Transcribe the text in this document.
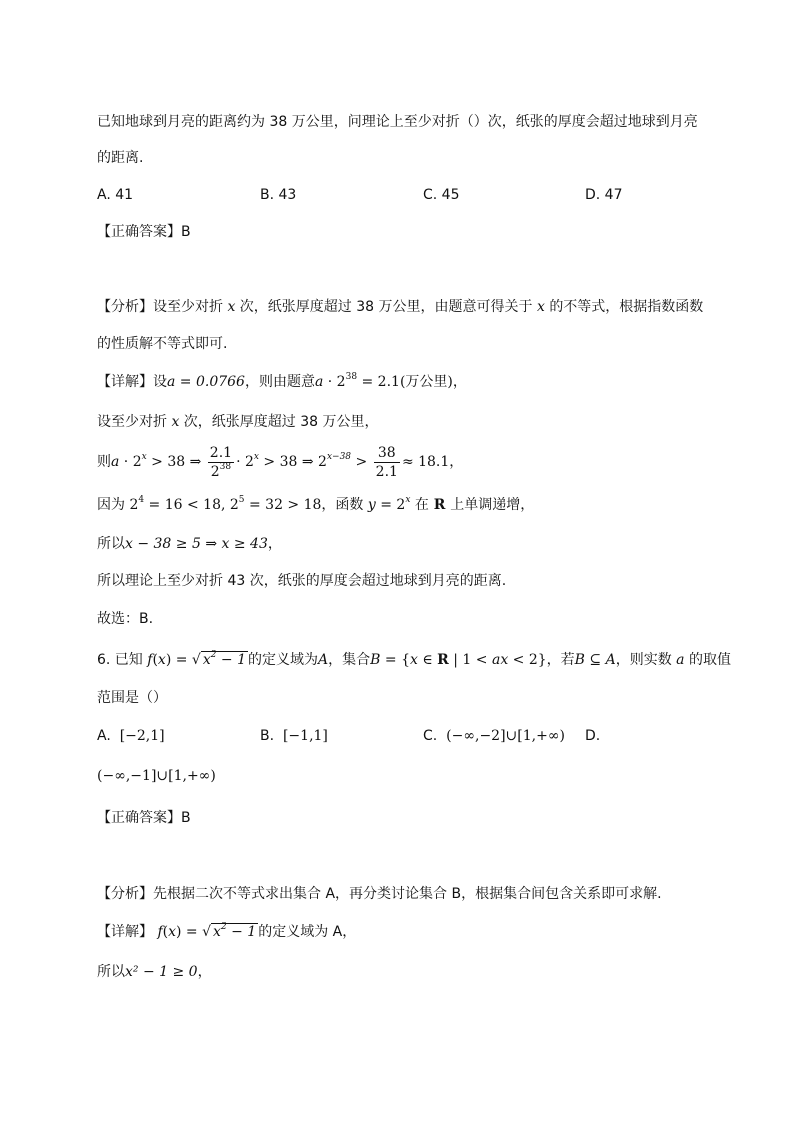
已知地球到月亮的距离约为 38 万公里，问理论上至少对折（）次，纸张的厚度会超过地球到月亮
的距离.
A. 41	B. 43	C. 45	D. 47
【正确答案】B
【分析】设至少对折 x 次，纸张厚度超过 38 万公里，由题意可得关于 x 的不等式，根据指数函数
的性质解不等式即可.
【详解】设a = 0.0766，则由题意$a \cdot 2^{38} = 2.1$(万公里)，
设至少对折 x 次，纸张厚度超过 38 万公里，
则$a \cdot 2^x > 38$ ⇒ $\frac{2.1}{2^{38}} \cdot 2^x > 38$ ⇒ $2^{x-38} > \frac{38}{2.1} \approx 18.1$，
因为 $2^4 = 16 < 18$, $2^5 = 32 > 18$，函数 $y = 2^x$ 在 R 上单调递增，
所以x − 38 ≥ 5 ⇒ x ≥ 43，
所以理论上至少对折 43 次，纸张的厚度会超过地球到月亮的距离.
故选：B.
6. 已知 f(x) = √ $x^2 - 1$ 的定义域为A，集合B = {x ∈ R | 1 < ax < 2}，若B ⊆ A，则实数 a 的取值
范围是（）
A. [−2,1]	B. [−1,1]	C. (−∞,−2]∪[1,+∞) D.
(−∞,−1]∪[1,+∞)
【正确答案】B
【分析】先根据二次不等式求出集合 A，再分类讨论集合 B，根据集合间包含关系即可求解.
【详解】 f(x) = √ $x^2 - 1$ 的定义域为 A，
所以x² − 1 ≥ 0，
